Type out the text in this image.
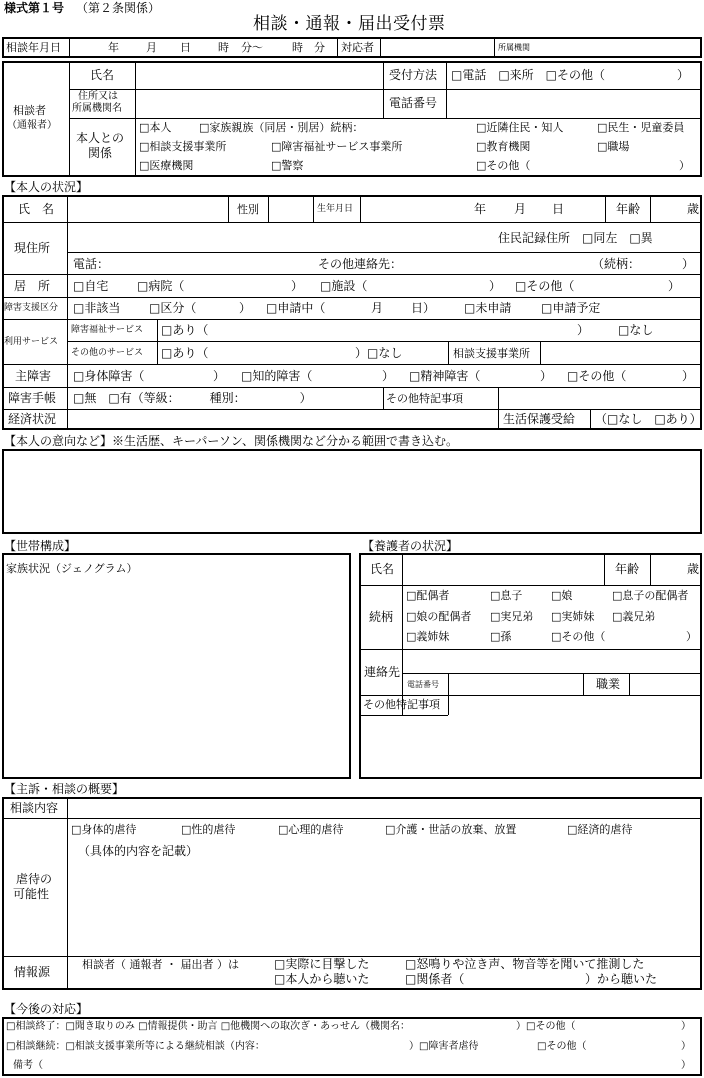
様式第１号 （第２条関係）
相談・通報・届出受付票
相談年月日	年 月 日 時 分～	時 分 対応者	所属機関
相談者
（通報者）
氏名	受付方法 □電話　□来所　□その他（　　　　　　）
住所又は
所属機関名	電話番号
本人との
関係
□本人	□家族親族（同居・別居）続柄：	□近隣住民・知人	□民生・児童委員
□相談支援事業所	□障害福祉サービス事業所	□教育機関	□職場
□医療機関	□警察	□その他（	）
【本人の状況】
氏　名	性別	生年月日	年 月 日	年齢	歳
現住所
住民記録住所　□同左　□異
電話：	その他連絡先：	（続柄：　　　　）
居　所 □自宅 □病院（	） □施設（	） □その他（	）
障害支援区分 □非該当 □区分（	） □申請中（	月 日） □未申請 □申請予定
利用サービス
障害福祉サービス □あり（	） □なし
その他のサービス □あり（	）□なし	相談支援事業所
主障害 □身体障害（	） □知的障害（	） □精神障害（	） □その他（	）
障害手帳 □無　□有（等級：　　　種別：　　　　　）	その他特記事項
経済状況	生活保護受給 （□なし　□あり）
【本人の意向など】※生活歴、キーパーソン、関係機関など分かる範囲で書き込む。
【世帯構成】
家族状況（ジェノグラム）
【養護者の状況】
氏名	年齢	歳
続柄
□配偶者	□息子	□娘	□息子の配偶者
□娘の配偶者 □実兄弟 □実姉妹 □義兄弟
□義姉妹	□孫	□その他（	）
連絡先
電話番号	職業
その他特記事項
【主訴・相談の概要】
相談内容
虐待の
可能性
□身体的虐待	□性的虐待	□心理的虐待	□介護・世話の放棄、放置	□経済的虐待
（具体的内容を記載）
情報源
相談者（ 通報者 ・ 届出者 ）は	□実際に目撃した	□怒鳴りや泣き声、物音等を聞いて推測した
□本人から聴いた	□関係者（	）から聴いた
【今後の対応】
□相談終了：□聞き取りのみ □情報提供・助言 □他機関への取次ぎ・あっせん（機関名：	）□その他（	）
□相談継続：□相談支援事業所等による継続相談（内容：	）□障害者虐待	□その他（	）
備考（	）
